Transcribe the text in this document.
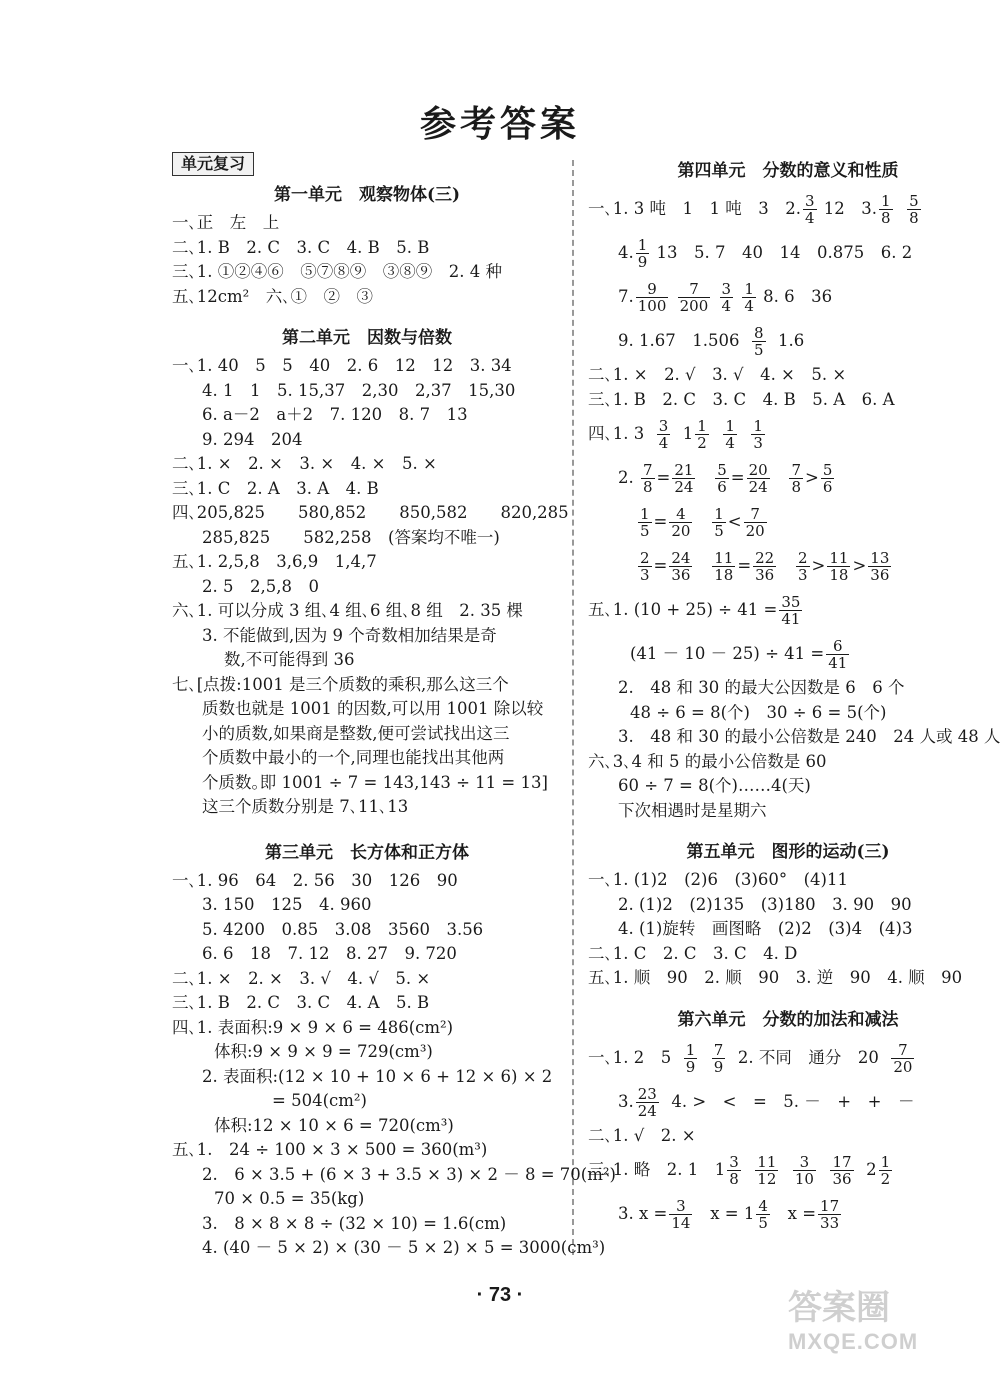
参考答案
单元复习
第一单元　观察物体(三)
一､正　左　上
二､1. B　2. C　3. C　4. B　5. B
三､1. ①②④⑥　⑤⑦⑧⑨　③⑧⑨　2. 4 种
五､12cm²　六､①　②　③
第二单元　因数与倍数
一､1. 40　5　5　40　2. 6　12　12　3. 34
4. 1　1　5. 15,37　2,30　2,37　15,30
6. a－2　a＋2　7. 120　8. 7　13
9. 294　204
二､1. ×　2. ×　3. ×　4. ×　5. ×
三､1. C　2. A　3. A　4. B
四､205,825　　580,852　　850,582　　820,285
285,825　　582,258　(答案均不唯一)
五､1. 2,5,8　3,6,9　1,4,7
2. 5　2,5,8　0
六､1. 可以分成 3 组､4 组､6 组､8 组　2. 35 棵
3. 不能做到,因为 9 个奇数相加结果是奇
数,不可能得到 36
七､[点拨:1001 是三个质数的乘积,那么这三个
质数也就是 1001 的因数,可以用 1001 除以较
小的质数,如果商是整数,便可尝试找出这三
个质数中最小的一个,同理也能找出其他两
个质数｡即 1001 ÷ 7 = 143,143 ÷ 11 = 13]
这三个质数分别是 7､11､13
第三单元　长方体和正方体
一､1. 96　64　2. 56　30　126　90
3. 150　125　4. 960
5. 4200　0.85　3.08　3560　3.56
6. 6　18　7. 12　8. 27　9. 720
二､1. ×　2. ×　3. √　4. √　5. ×
三､1. B　2. C　3. C　4. A　5. B
四､1. 表面积:9 × 9 × 6 = 486(cm²)
体积:9 × 9 × 9 = 729(cm³)
2. 表面积:(12 × 10 + 10 × 6 + 12 × 6) × 2
= 504(cm²)
体积:12 × 10 × 6 = 720(cm³)
五､1.　24 ÷ 100 × 3 × 500 = 360(m³)
2.　6 × 3.5 + (6 × 3 + 3.5 × 3) × 2 － 8 = 70(m²)
70 × 0.5 = 35(kg)
3.　8 × 8 × 8 ÷ (32 × 10) = 1.6(cm)
4. (40 － 5 × 2) × (30 － 5 × 2) × 5 = 3000(cm³)
第四单元　分数的意义和性质
一､1. 3 吨　1　1 吨　3　2. $\frac{3}{4} 12$　3. $\frac{1}{8}$
$\frac{5}{8}$
4. $\frac{1}{9} 13$　5. 7　40　14　0.875　6. 2
7. $\frac{9}{100}$
$\frac{7}{200}$
$\frac{3}{4}$
$\frac{1}{4} 8$. 6　36
9. 1.67　$1.506 \frac{8}{5} 1.6$
二､1. ×　2. √　3. √　4. ×　5. ×
三､1. B　2. C　3. C　4. B　5. A　6. A
四､1. $3 \frac{3}{4} 1 \frac{1}{2}$
$\frac{1}{4}$
$\frac{1}{3}$
2. $\frac{7}{8} = \frac{21}{24}$
$\frac{5}{6} = \frac{20}{24}$
$\frac{7}{8} > \frac{5}{6}$
$\frac{1}{5} = \frac{4}{20}$
$\frac{1}{5} < \frac{7}{20}$
$\frac{2}{3} = \frac{24}{36}$
$\frac{11}{18} = \frac{22}{36}$
$\frac{2}{3} > \frac{11}{18} > \frac{13}{36}$
五､1. $(10 + 25) \div 41 = \frac{35}{41}$
$(41 - 10 - 25) \div 41 = \frac{6}{41}$
2.　48 和 30 的最大公因数是 6　6 个
48 ÷ 6 = 8(个)　30 ÷ 6 = 5(个)
3.　48 和 30 的最小公倍数是 240　24 人或 48 人
六､3､4 和 5 的最小公倍数是 60
60 ÷ 7 = 8(个)……4(天)
下次相遇时是星期六
第五单元　图形的运动(三)
一､1. (1)2　(2)6　(3)60°　(4)11
2. (1)2　(2)135　(3)180　3. 90　90
4. (1)旋转　画图略　(2)2　(3)4　(4)3
二､1. C　2. C　3. C　4. D
五､1. 顺　90　2. 顺　90　3. 逆　90　4. 顺　90
第六单元　分数的加法和减法
一､1. 2　$5 \frac{1}{9}$
$\frac{7}{9} 2$. 不同　通分　$20 \frac{7}{20}$
3. $\frac{23}{24} 4$. >　<　=　5. －　+　+　－
二､1. √　2. ×
三､1. 略　2. 1　$1 \frac{3}{8}$
$\frac{11}{12}$
$\frac{3}{10}$
$\frac{17}{36} 2 \frac{1}{2}$
3. $x = \frac{3}{14}$ $x = 1 \frac{4}{5}$ $x = \frac{17}{33}$
· 73 ·	答案圈
MXQE.COM
